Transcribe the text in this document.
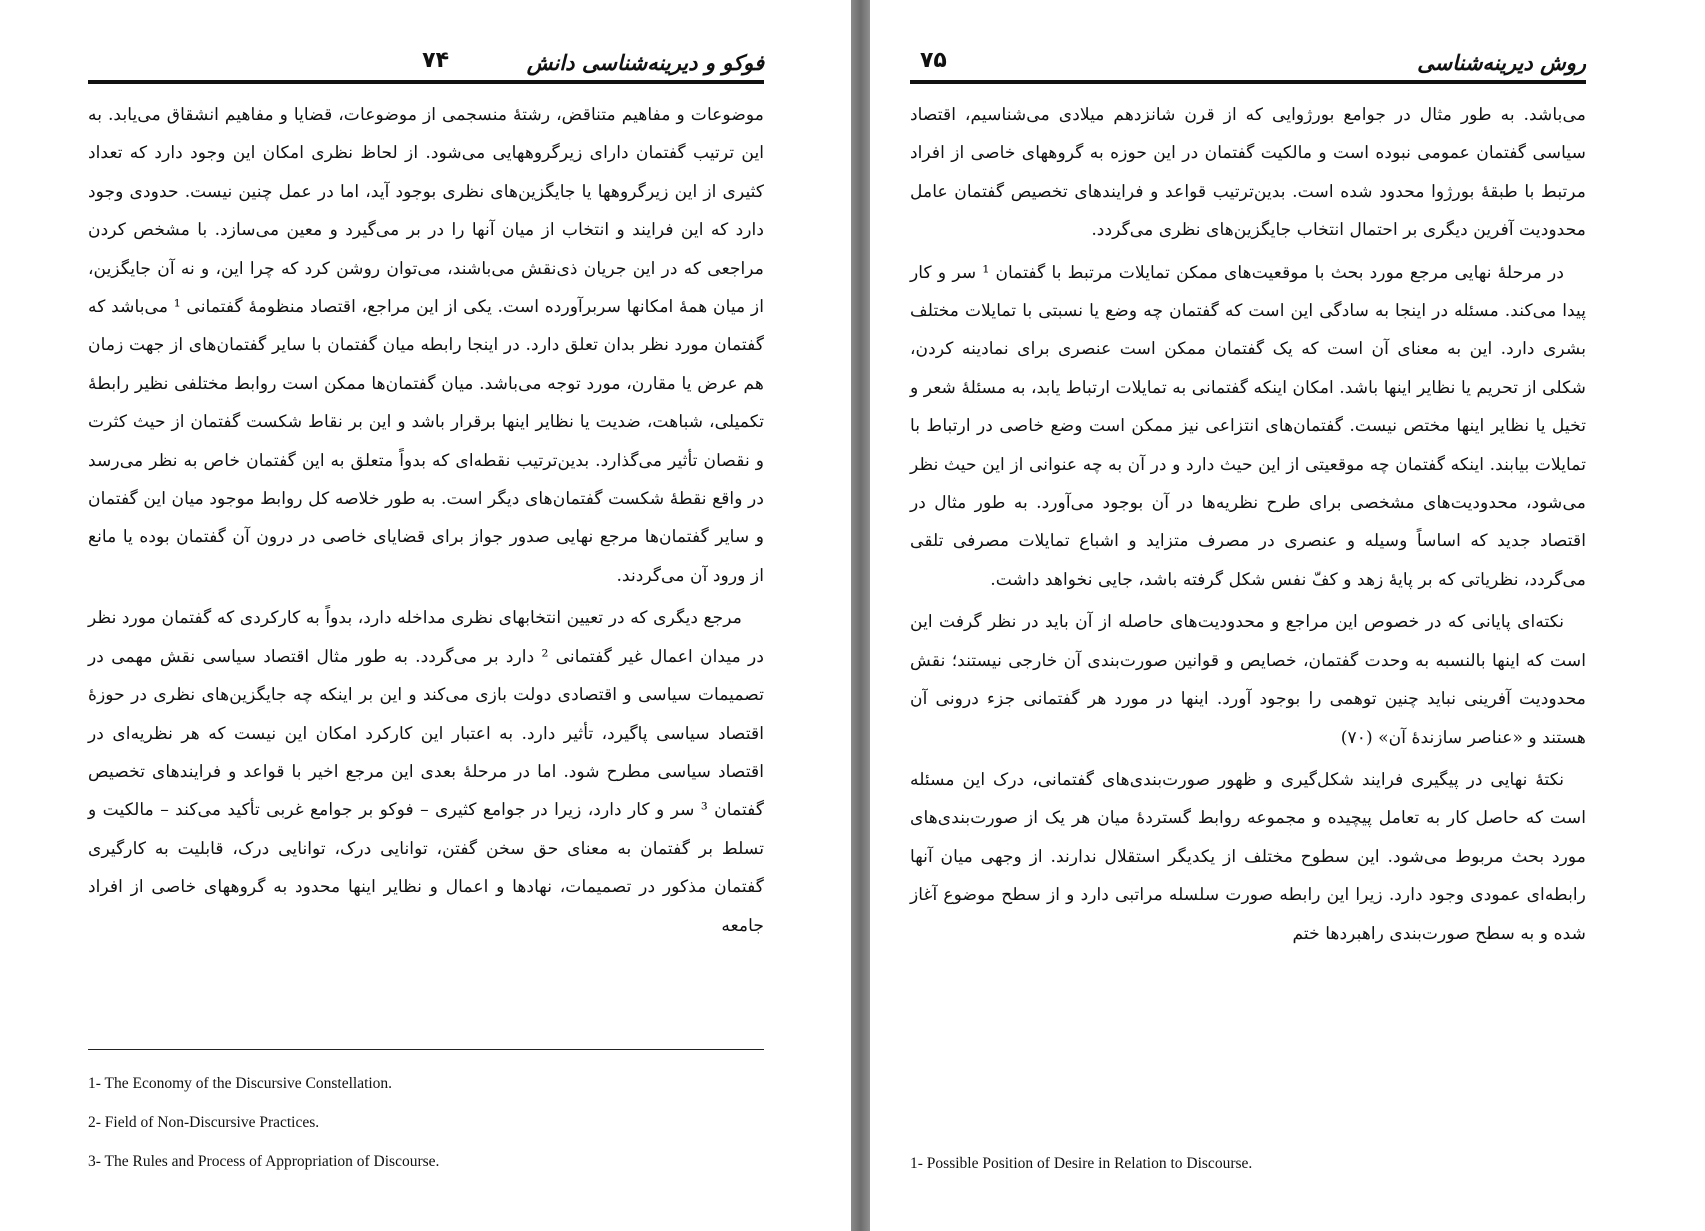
فوکو و دیرینه‌شناسی دانش
۷۴

موضوعات و مفاهیم متناقض، رشتهٔ منسجمی از موضوعات، قضایا و مفاهیم انشقاق می‌یابد. به این ترتیب گفتمان دارای زیرگروههایی می‌شود. از لحاظ نظری امکان این وجود دارد که تعداد کثیری از این زیرگروهها یا جایگزین‌های نظری بوجود آید، اما در عمل چنین نیست. حدودی وجود دارد که این فرایند و انتخاب از میان آنها را در بر می‌گیرد و معین می‌سازد. با مشخص کردن مراجعی که در این جریان ذی‌نقش می‌باشند، می‌توان روشن کرد که چرا این، و نه آن جایگزین، از میان همهٔ امکانها سربرآورده است. یکی از این مراجع، اقتصاد منظومهٔ گفتمانی ¹ می‌باشد که گفتمان مورد نظر بدان تعلق دارد. در اینجا رابطه میان گفتمان با سایر گفتمان‌های از جهت زمان هم عرض یا مقارن، مورد توجه می‌باشد. میان گفتمان‌ها ممکن است روابط مختلفی نظیر رابطهٔ تکمیلی، شباهت، ضدیت یا نظایر اینها برقرار باشد و این بر نقاط شکست گفتمان از حیث کثرت و نقصان تأثیر می‌گذارد. بدین‌ترتیب نقطه‌ای که بدواً متعلق به این گفتمان خاص به نظر می‌رسد در واقع نقطهٔ شکست گفتمان‌های دیگر است. به طور خلاصه کل روابط موجود میان این گفتمان و سایر گفتمان‌ها مرجع نهایی صدور جواز برای قضایای خاصی در درون آن گفتمان بوده یا مانع از ورود آن می‌گردند.

مرجع دیگری که در تعیین انتخابهای نظری مداخله دارد، بدواً به کارکردی که گفتمان مورد نظر در میدان اعمال غیر گفتمانی ² دارد بر می‌گردد. به طور مثال اقتصاد سیاسی نقش مهمی در تصمیمات سیاسی و اقتصادی دولت بازی می‌کند و این بر اینکه چه جایگزین‌های نظری در حوزهٔ اقتصاد سیاسی پاگیرد، تأثیر دارد. به اعتبار این کارکرد امکان این نیست که هر نظریه‌ای در اقتصاد سیاسی مطرح شود. اما در مرحلهٔ بعدی این مرجع اخیر با قواعد و فرایندهای تخصیص گفتمان ³ سر و کار دارد، زیرا در جوامع کثیری – فوکو بر جوامع غربی تأکید می‌کند – مالکیت و تسلط بر گفتمان به معنای حق سخن گفتن، توانایی درک، توانایی درک، قابلیت به کارگیری گفتمان مذکور در تصمیمات، نهادها و اعمال و نظایر اینها محدود به گروههای خاصی از افراد جامعه

1- The Economy of the Discursive Constellation.
2- Field of Non-Discursive Practices.
3- The Rules and Process of Appropriation of Discourse.
روش دیرینه‌شناسی
۷۵

می‌باشد. به طور مثال در جوامع بورژوایی که از قرن شانزدهم میلادی می‌شناسیم، اقتصاد سیاسی گفتمان عمومی نبوده است و مالکیت گفتمان در این حوزه به گروههای خاصی از افراد مرتبط با طبقهٔ بورژوا محدود شده است. بدین‌ترتیب قواعد و فرایندهای تخصیص گفتمان عامل محدودیت آفرین دیگری بر احتمال انتخاب جایگزین‌های نظری می‌گردد.

در مرحلهٔ نهایی مرجع مورد بحث با موقعیت‌های ممکن تمایلات مرتبط با گفتمان ¹ سر و کار پیدا می‌کند. مسئله در اینجا به سادگی این است که گفتمان چه وضع یا نسبتی با تمایلات مختلف بشری دارد. این به معنای آن است که یک گفتمان ممکن است عنصری برای نمادینه کردن، شکلی از تحریم یا نظایر اینها باشد. امکان اینکه گفتمانی به تمایلات ارتباط یابد، به مسئلهٔ شعر و تخیل یا نظایر اینها مختص نیست. گفتمان‌های انتزاعی نیز ممکن است وضع خاصی در ارتباط با تمایلات بیابند. اینکه گفتمان چه موقعیتی از این حیث دارد و در آن به چه عنوانی از این حیث نظر می‌شود، محدودیت‌های مشخصی برای طرح نظریه‌ها در آن بوجود می‌آورد. به طور مثال در اقتصاد جدید که اساساً وسیله و عنصری در مصرف متزاید و اشباع تمایلات مصرفی تلقی می‌گردد، نظریاتی که بر پایهٔ زهد و کفّ نفس شکل گرفته باشد، جایی نخواهد داشت.

نکته‌ای پایانی که در خصوص این مراجع و محدودیت‌های حاصله از آن باید در نظر گرفت این است که اینها بالنسبه به وحدت گفتمان، خصایص و قوانین صورت‌بندی آن خارجی نیستند؛ نقش محدودیت آفرینی نباید چنین توهمی را بوجود آورد. اینها در مورد هر گفتمانی جزء درونی آن هستند و «عناصر سازندهٔ آن» (۷۰)

نکتهٔ نهایی در پیگیری فرایند شکل‌گیری و ظهور صورت‌بندی‌های گفتمانی، درک این مسئله است که حاصل کار به تعامل پیچیده و مجموعه روابط گستردهٔ میان هر یک از صورت‌بندی‌های مورد بحث مربوط می‌شود. این سطوح مختلف از یکدیگر استقلال ندارند. از وجهی میان آنها رابطه‌ای عمودی وجود دارد. زیرا این رابطه صورت سلسله مراتبی دارد و از سطح موضوع آغاز شده و به سطح صورت‌بندی راهبردها ختم

1- Possible Position of Desire in Relation to Discourse.
